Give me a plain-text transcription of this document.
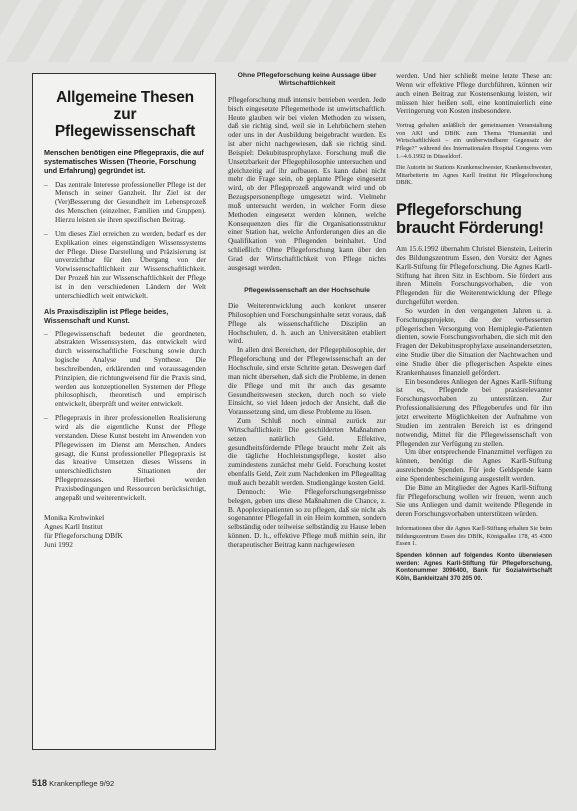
Allgemeine Thesen zur Pflegewissenschaft

Menschen benötigen eine Pflegepraxis, die auf systematisches Wissen (Theorie, Forschung und Erfahrung) gegründet ist.

– Das zentrale Interesse professioneller Pflege ist der Mensch in seiner Ganzheit. Ihr Ziel ist der (Ver)Besserung der Gesundheit im Lebensprozeß des Menschen (einzelner, Familien und Gruppen). Hierzu leisten sie ihren spezifischen Beitrag.

– Um dieses Ziel erreichen zu werden, bedarf es der Explikation eines eigenständigen Wissenssystems der Pflege. Diese Darstellung und Präzisierung ist unverzichtbar für den Übergang von der Vorwissenschaftlichkeit zur Wissenschaftlichkeit. Der Prozeß hin zur Wissenschaftlichkeit der Pflege ist in den verschiedenen Ländern der Welt unterschiedlich weit entwickelt.

Als Praxisdisziplin ist Pflege beides, Wissenschaft und Kunst.

– Pflegewissenschaft bedeutet die geordneten, abstrakten Wissenssystem, das entwickelt wird durch wissenschaftliche Forschung sowie durch logische Analyse und Synthese. Die beschreibenden, erklärenden und voraussagenden Prinzipien, die richtungweisend für die Praxis sind, werden aus konzeptionellen Systemen der Pflege philosophisch, theoretisch und empirisch entwickelt, überprüft und weiter entwickelt.

– Pflegepraxis in ihrer professionellen Realisierung wird als die eigentliche Kunst der Pflege verstanden. Diese Kunst besteht im Anwenden von Pflegewissen im Dienst am Menschen. Anders gesagt, die Kunst professioneller Pflegepraxis ist das kreative Umsetzen dieses Wissens in unterschiedlichsten Situationen der Pflegeprozesses. Hierbei werden Praxisbedingungen und Ressourcen berücksichtigt, angepaßt und weiterentwickelt.

Monika Krohwinkel
Agnes Karll Institut
für Pflegeforschung DBfK
Juni 1992
Ohne Pflegeforschung keine Aussage über Wirtschaftlichkeit

Pflegeforschung muß intensiv betrieben werden. Jede bisch eingesetzte Pflegemethode ist unwirtschaftlich. Heute glauben wir bei vielen Methoden zu wissen, daß sie richtig sind, weil sie in Lehrbüchern stehen oder uns in der Ausbildung beigebracht wurden. Es ist aber nicht nachgewiesen, daß sie richtig sind. Beispiel: Dekubitusprophylaxe. Forschung muß die Unsetzbarkeit der Pflegephilosophie untersuchen und gleichzeitig auf ihr aufbauen. Es kann dabei nicht mehr die Frage sein, ob geplante Pflege eingesetzt wird, ob der Pflegeprozeß angewandt wird und ob Bezugspersonenpflege umgesetzt wird. Vielmehr muß untersucht werden, in welcher Form diese Methoden eingesetzt werden können, welche Konsequenzen dies für die Organisationsstruktur einer Station hat, welche Anforderungen dies an die Qualifikation von Pflegenden beinhaltet. Und schließlich: Ohne Pflegeforschung kann über den Grad der Wirtschaftlichkeit von Pflege nichts ausgesagt werden.

Pflegewissenschaft an der Hochschule

Die Weiterentwicklung auch konkret unserer Philosophien und Forschungsinhalte setzt voraus, daß Pflege als wissenschaftliche Disziplin an Hochschulen, d. h. auch an Universitäten etabliert wird.

In allen drei Bereichen, der Pflegephilosophie, der Pflegeforschung und der Pflegewissenschaft an der Hochschule, sind erste Schritte getan. Deswegen darf man nicht übersehen, daß sich die Probleme, in denen die Pflege und mit ihr auch das gesamte Gesundheitswesen stecken, durch noch so viele Einsicht, so viel Ideen jedoch der Ansicht, daß die Voraussetzung sind, um diese Probleme zu lösen.

Zum Schluß noch einmal zurück zur Wirtschaftlichkeit: Die geschilderten Maßnahmen setzen natürlich Geld. Effektive, gesundheitsfördernde Pflege braucht mehr Zeit als die tägliche Hochleistungspflege, kostet also zumindestens zunächst mehr Geld. Forschung kostet ebenfalls Geld, Zeit zum Nachdenken im Pflegealltag muß auch bezahlt werden. Studiengänge kosten Geld.

Dennoch: Wie Pflegeforschungsergebnisse belegen, geben uns diese Maßnahmen die Chance, z. B. Apoplexiepatienten so zu pflegen, daß sie nicht als sogenannter Pflegefall in ein Heim kommen, sondern selbständig oder teilweise selbständig zu Hause leben können. D. h., effektive Pflege muß mithin sein, ihr therapeutischer Beitrag kann nachgewiesen

werden. Und hier schließt meine letzte These an: Wenn wir effektive Pflege durchführen, können wir auch einen Beitrag zur Kostensenkung leisten, wir müssen hier heißen soll, eine kontinuierlich eine Verringerung von Kosten insbesondere.

Vortrag gehalten anläßlich der gemeinsamen Veranstaltung von AKI und DBfK zum Thema "Humanität und Wirtschaftlichkeit – ein unüberwindbarer Gegensatz der Pflege?" während des Internationalen Hospital Congress vom 1.–4.6.1992 in Düsseldorf.

Die Autorin ist Stations Krankenschwester, Krankenschwester, Mitarbeiterin im Agnes Karll Institut für Pflegeforschung DBfK.

Pflegeforschung braucht Förderung!

Am 15.6.1992 übernahm Christel Bienstein, Leiterin des Bildungszentrum Essen, den Vorsitz der Agnes Karll-Stiftung für Pflegeforschung. Die Agnes Karll-Stiftung hat ihren Sitz in Eschborn. Sie fördert aus ihren Mitteln Forschungsvorhaben, die von Pflegenden für die Weiterentwicklung der Pflege durchgeführt werden.

So wurden in den vergangenen Jahren u. a. Forschungsprojekte, die der verbesserten pflegerischen Versorgung von Hemiplegie-Patienten dienten, sowie Forschungsvorhaben, die sich mit den Fragen der Dekubitusprophylaxe auseinandersetzten, eine Studie über die Situation der Nachtwachen und eine Studie über die pflegerischen Aspekte eines Krankenhauses finanziell gefördert.

Ein besonderes Anliegen der Agnes Karll-Stiftung ist es, Pflegende bei praxisrelevanter Forschungsvorhaben zu unterstützen. Zur Professionalisierung des Pflegeberufes und für ihn jetzt erweiterte Möglichkeiten der Aufnahme von Studien im zentralen Bereich ist es dringend notwendig, Mittel für die Pflegewissenschaft von Pflegenden zur Verfügung zu stellen.

Um über entsprechende Finanzmittel verfügen zu können, benötigt die Agnes Karll-Stiftung ausreichende Spenden. Für jede Geldspende kann eine Spendenbescheinigung ausgestellt werden.

Die Bitte an Mitglieder der Agnes Karll-Stiftung für Pflegeforschung wollen wir freuen, wenn auch Sie uns Anliegen und damit weitende Pflegende in deren Forschungsvorhaben unterstützen würden.

Informationen über die Agnes Karll-Stiftung erhalten Sie beim Bildungszentrum Essen des DBfK, Königsallee 178, 45 4300 Essen 1.

Spenden können auf folgendes Konto überwiesen werden: Agnes Karll-Stiftung für Pflegeforschung, Kontonummer 3096400, Bank für Sozialwirtschaft Köln, Bankleitzahl 370 205 00.

518 Krankenpflege 9/92
